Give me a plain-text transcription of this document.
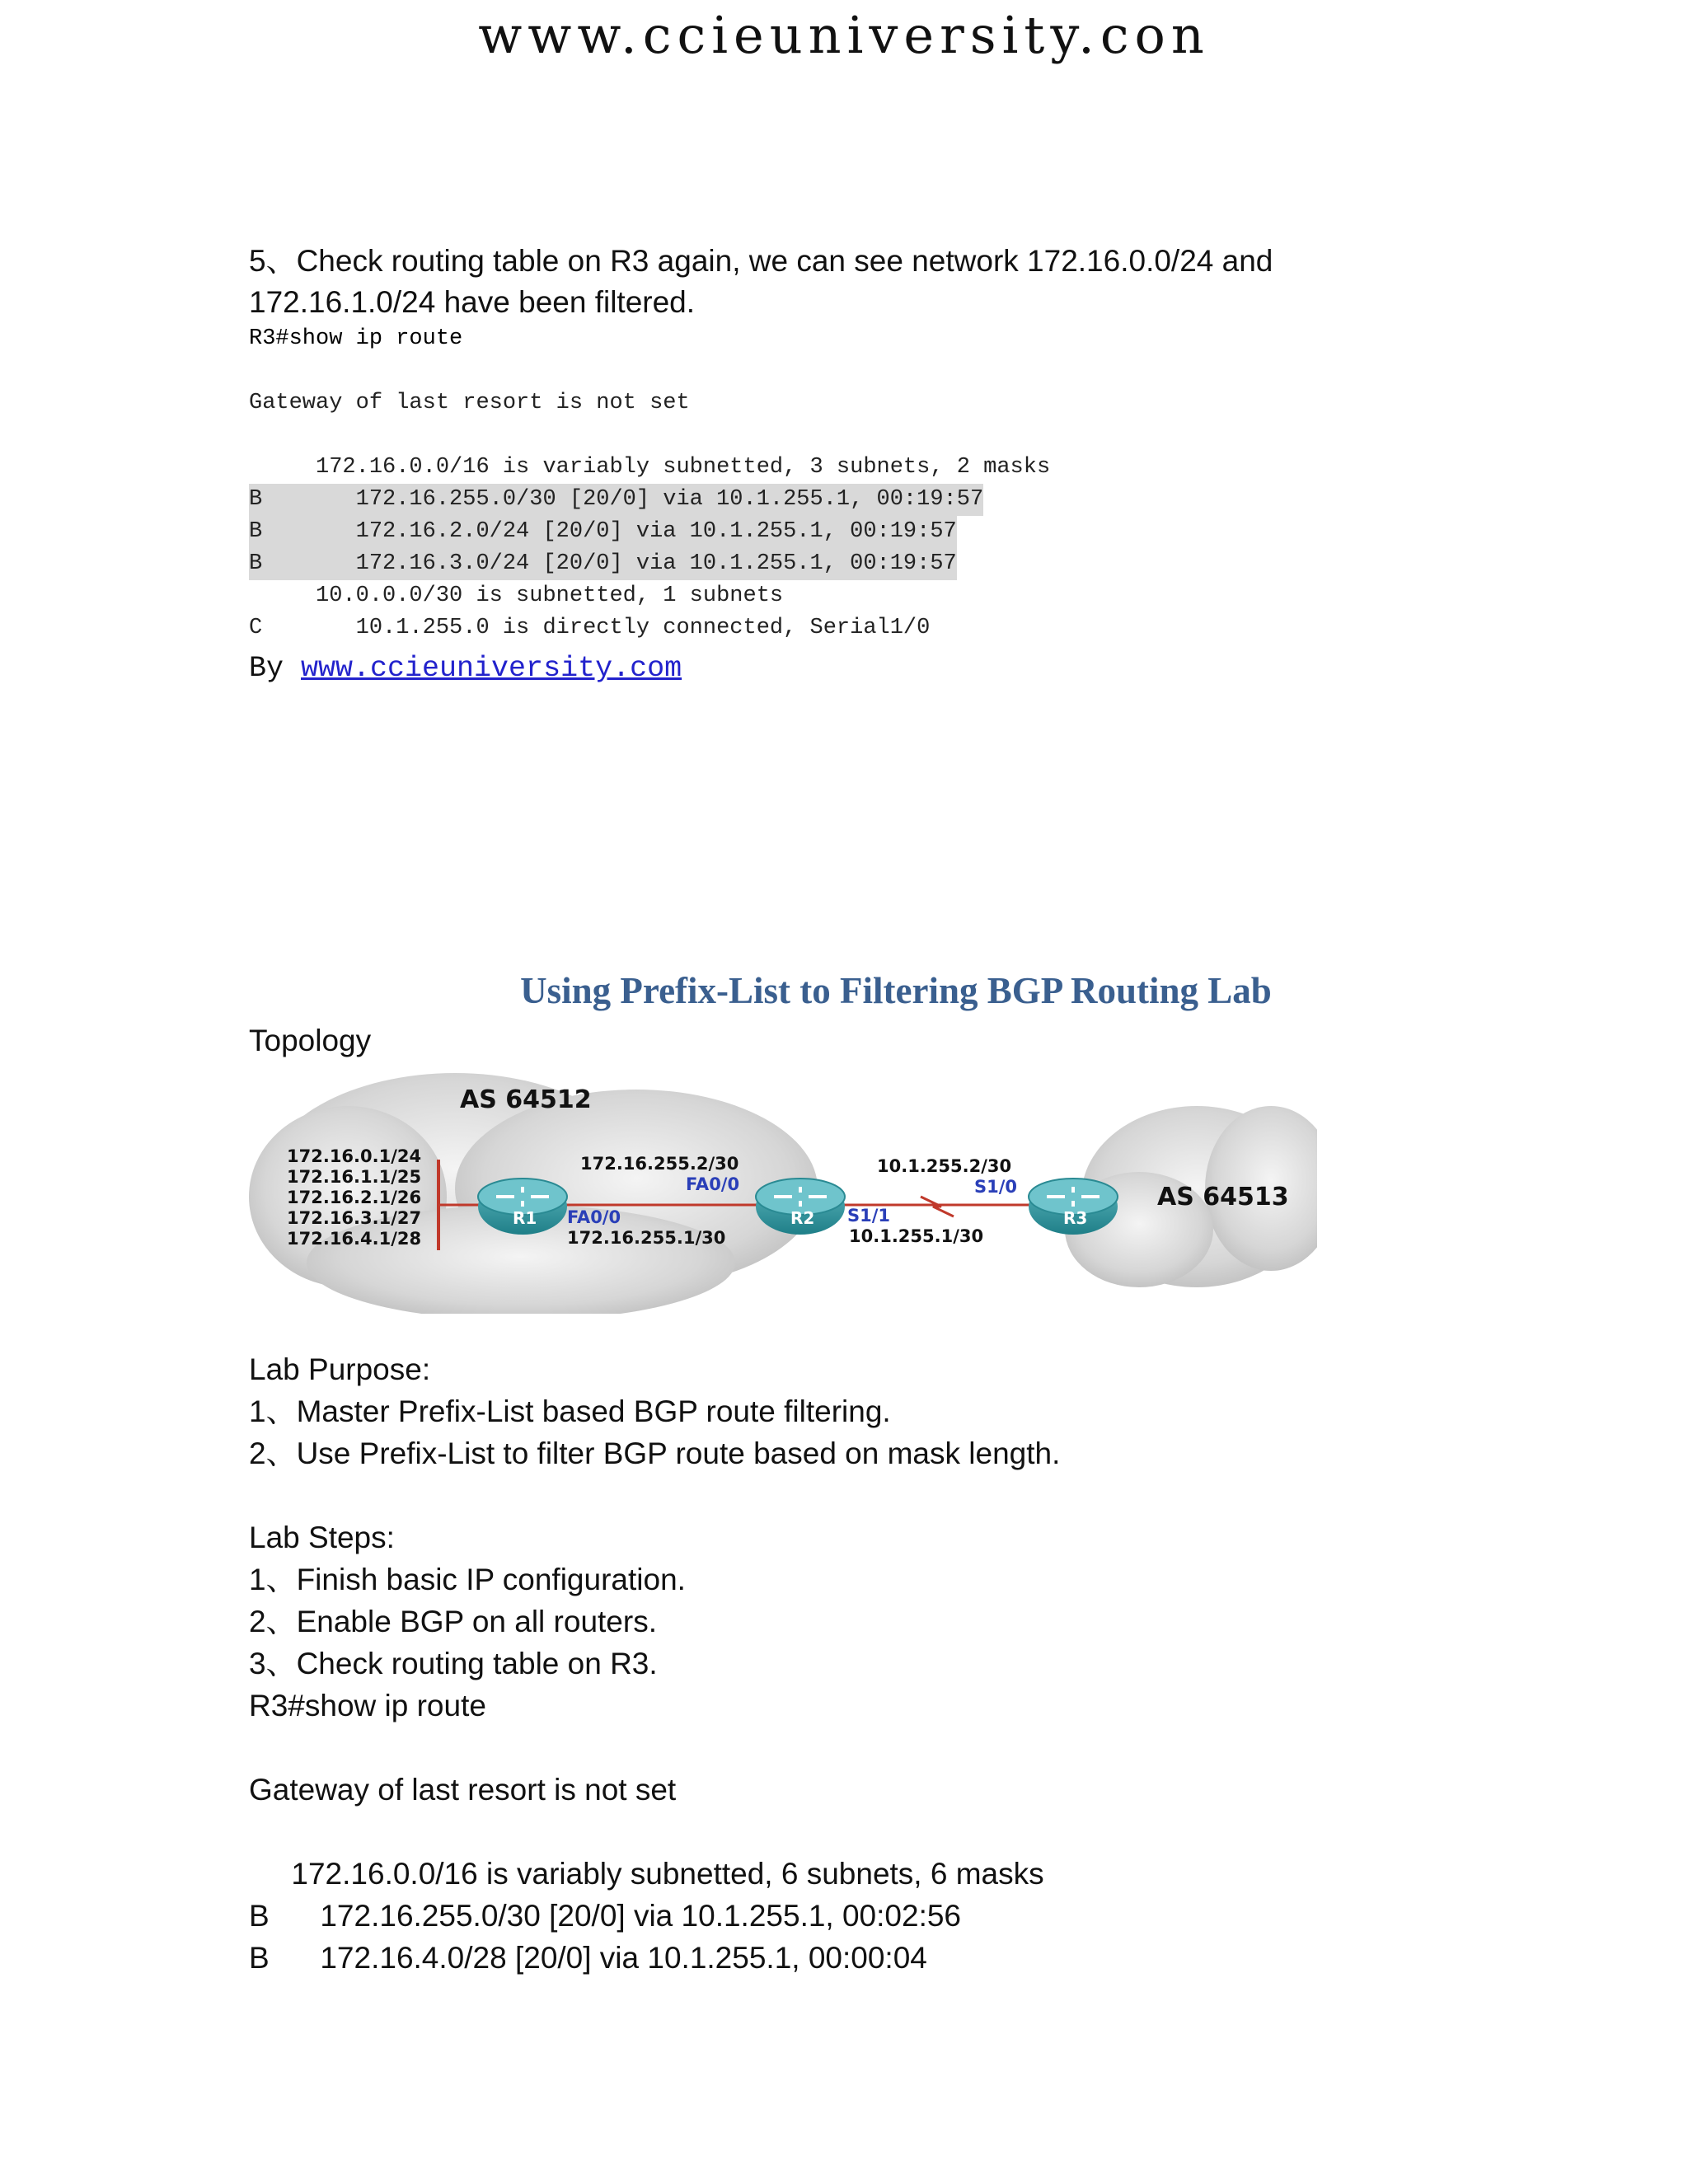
www.ccieuniversity.con

5、Check routing table on R3 again, we can see network 172.16.0.0/24 and

172.16.1.0/24 have been filtered.

R3#show ip route

Gateway of last resort is not set

172.16.0.0/16 is variably subnetted, 3 subnets, 2 masks

B       172.16.255.0/30 [20/0] via 10.1.255.1, 00:19:57

B       172.16.2.0/24 [20/0] via 10.1.255.1, 00:19:57

B       172.16.3.0/24 [20/0] via 10.1.255.1, 00:19:57

10.0.0.0/30 is subnetted, 1 subnets

C       10.1.255.0 is directly connected, Serial1/0

By www.ccieuniversity.com
Using Prefix-List to Filtering BGP Routing Lab

Topology

AS 64512
AS 64513
172.16.0.1/24
172.16.1.1/25
172.16.2.1/26
172.16.3.1/27
172.16.4.1/28
R1	R2	R3
172.16.255.2/30
FA0/0
FA0/0
172.16.255.1/30
10.1.255.2/30
S1/0
S1/1
10.1.255.1/30

Lab Purpose:

1、Master Prefix-List based BGP route filtering.

2、Use Prefix-List to filter BGP route based on mask length.

Lab Steps:

1、Finish basic IP configuration.

2、Enable BGP on all routers.

3、Check routing table on R3.

R3#show ip route

Gateway of last resort is not set

172.16.0.0/16 is variably subnetted, 6 subnets, 6 masks

B      172.16.255.0/30 [20/0] via 10.1.255.1, 00:02:56

B      172.16.4.0/28 [20/0] via 10.1.255.1, 00:00:04
